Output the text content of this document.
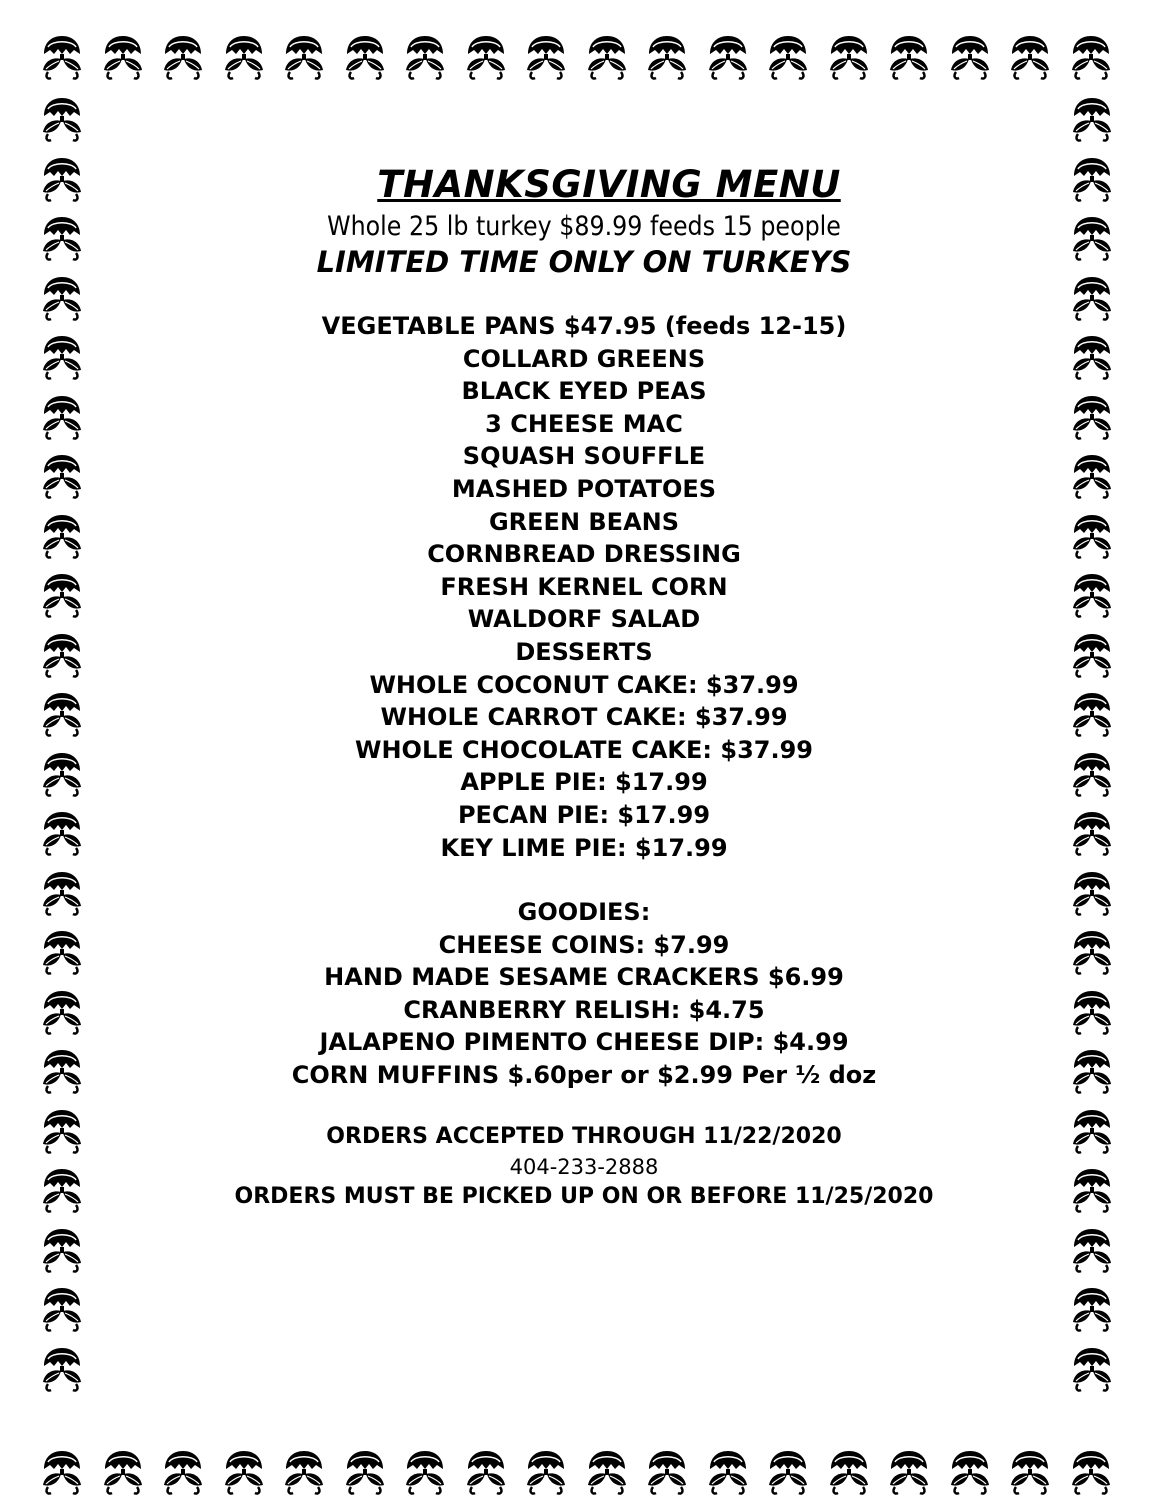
THANKSGIVING MENU

Whole 25 lb turkey $89.99 feeds 15 people

LIMITED TIME ONLY ON TURKEYS

VEGETABLE PANS $47.95 (feeds 12-15)
COLLARD GREENS
BLACK EYED PEAS
3 CHEESE MAC
SQUASH SOUFFLE
MASHED POTATOES
GREEN BEANS
CORNBREAD DRESSING
FRESH KERNEL CORN
WALDORF SALAD
DESSERTS
WHOLE COCONUT CAKE: $37.99
WHOLE CARROT CAKE: $37.99
WHOLE CHOCOLATE CAKE: $37.99
APPLE PIE: $17.99
PECAN PIE: $17.99
KEY LIME PIE: $17.99
GOODIES:
CHEESE COINS: $7.99
HAND MADE SESAME CRACKERS $6.99
CRANBERRY RELISH: $4.75
JALAPENO PIMENTO CHEESE DIP: $4.99
CORN MUFFINS $.60per or $2.99 Per ½ doz

ORDERS ACCEPTED THROUGH 11/22/2020

404-233-2888

ORDERS MUST BE PICKED UP ON OR BEFORE 11/25/2020
